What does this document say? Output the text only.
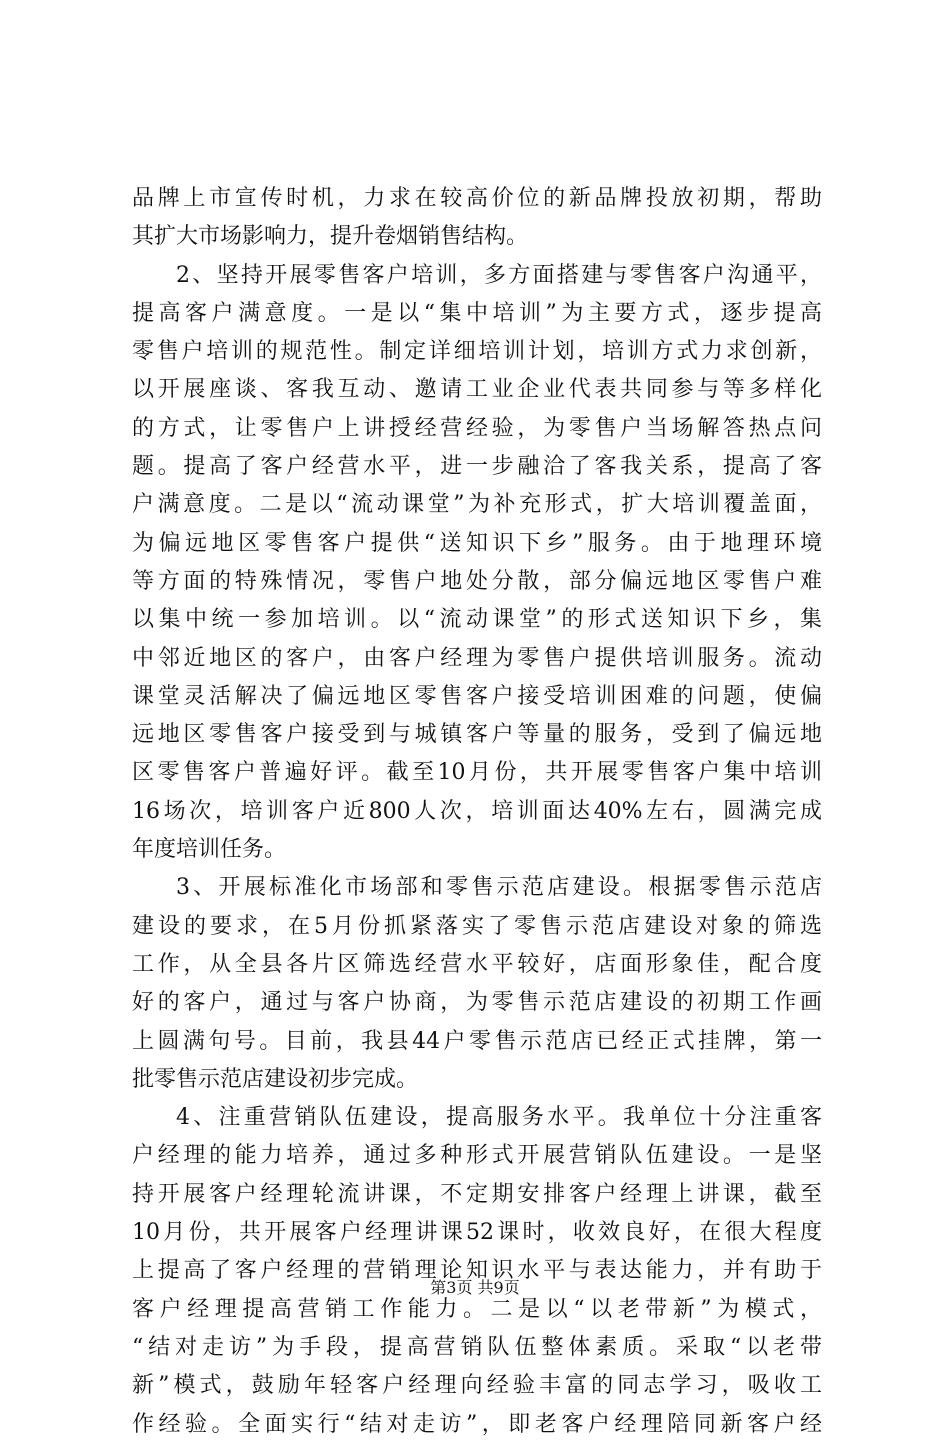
品牌上市宣传时机，力求在较高价位的新品牌投放初期，帮助
其扩大市场影响力，提升卷烟销售结构。
2、坚持开展零售客户培训，多方面搭建与零售客户沟通平，
提高客户满意度。一是以“集中培训”为主要方式，逐步提高
零售户培训的规范性。制定详细培训计划，培训方式力求创新，
以开展座谈、客我互动、邀请工业企业代表共同参与等多样化
的方式，让零售户上讲授经营经验，为零售户当场解答热点问
题。提高了客户经营水平，进一步融洽了客我关系，提高了客
户满意度。二是以“流动课堂”为补充形式，扩大培训覆盖面，
为偏远地区零售客户提供“送知识下乡”服务。由于地理环境
等方面的特殊情况，零售户地处分散，部分偏远地区零售户难
以集中统一参加培训。以“流动课堂”的形式送知识下乡，集
中邻近地区的客户，由客户经理为零售户提供培训服务。流动
课堂灵活解决了偏远地区零售客户接受培训困难的问题，使偏
远地区零售客户接受到与城镇客户等量的服务，受到了偏远地
区零售客户普遍好评。截至10月份，共开展零售客户集中培训
16场次，培训客户近800人次，培训面达40%左右，圆满完成
年度培训任务。
3、开展标准化市场部和零售示范店建设。根据零售示范店
建设的要求，在5月份抓紧落实了零售示范店建设对象的筛选
工作，从全县各片区筛选经营水平较好，店面形象佳，配合度
好的客户，通过与客户协商，为零售示范店建设的初期工作画
上圆满句号。目前，我县44户零售示范店已经正式挂牌，第一
批零售示范店建设初步完成。
4、注重营销队伍建设，提高服务水平。我单位十分注重客
户经理的能力培养，通过多种形式开展营销队伍建设。一是坚
持开展客户经理轮流讲课，不定期安排客户经理上讲课，截至
10月份，共开展客户经理讲课52课时，收效良好，在很大程度
上提高了客户经理的营销理论知识水平与表达能力，并有助于
客户经理提高营销工作能力。二是以“以老带新”为模式，
“结对走访”为手段，提高营销队伍整体素质。采取“以老带
新”模式，鼓励年轻客户经理向经验丰富的同志学习，吸收工
作经验。全面实行“结对走访”，即老客户经理陪同新客户经
第3页 共9页
